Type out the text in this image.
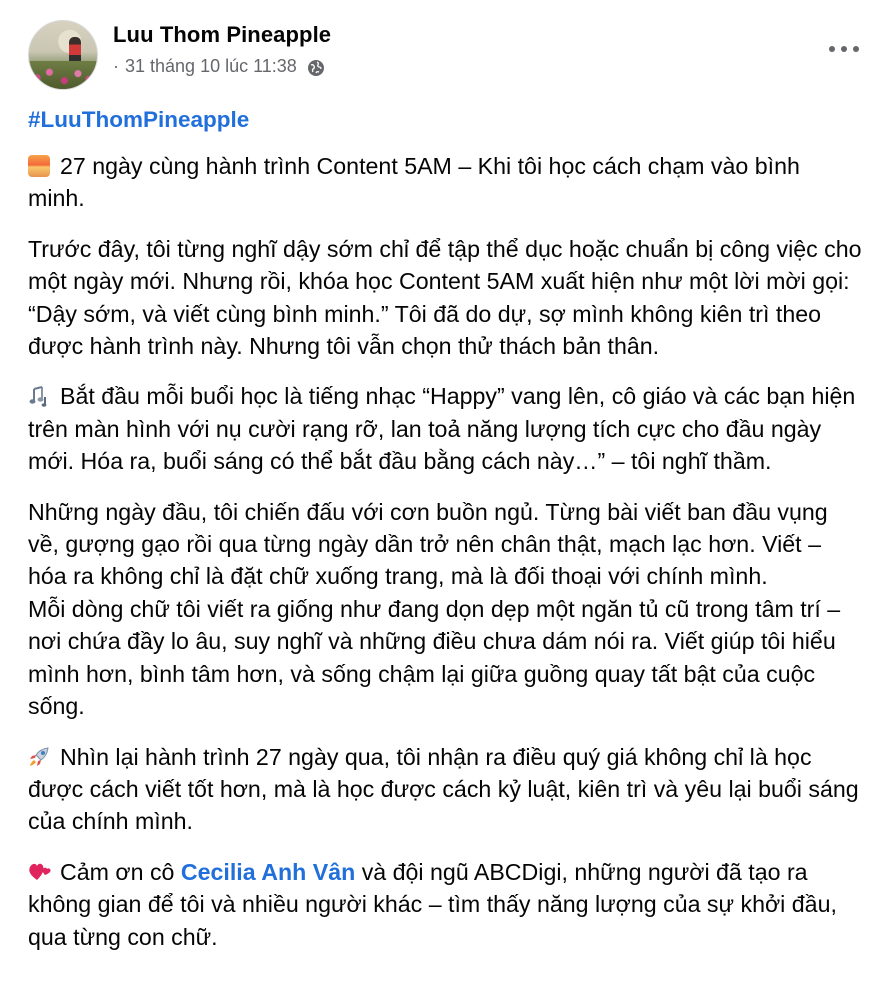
Luu Thom Pineapple
· 31 tháng 10 lúc 11:38
#LuuThomPineapple

27 ngày cùng hành trình Content 5AM – Khi tôi học cách chạm vào bình minh.

Trước đây, tôi từng nghĩ dậy sớm chỉ để tập thể dục hoặc chuẩn bị công việc cho một ngày mới. Nhưng rồi, khóa học Content 5AM xuất hiện như một lời mời gọi: “Dậy sớm, và viết cùng bình minh.” Tôi đã do dự, sợ mình không kiên trì theo được hành trình này. Nhưng tôi vẫn chọn thử thách bản thân.

Bắt đầu mỗi buổi học là tiếng nhạc “Happy” vang lên, cô giáo và các bạn hiện trên màn hình với nụ cười rạng rỡ, lan toả năng lượng tích cực cho đầu ngày mới. Hóa ra, buổi sáng có thể bắt đầu bằng cách này…” – tôi nghĩ thầm.

Những ngày đầu, tôi chiến đấu với cơn buồn ngủ. Từng bài viết ban đầu vụng về, gượng gạo rồi qua từng ngày dần trở nên chân thật, mạch lạc hơn. Viết – hóa ra không chỉ là đặt chữ xuống trang, mà là đối thoại với chính mình.

Mỗi dòng chữ tôi viết ra giống như đang dọn dẹp một ngăn tủ cũ trong tâm trí – nơi chứa đầy lo âu, suy nghĩ và những điều chưa dám nói ra. Viết giúp tôi hiểu mình hơn, bình tâm hơn, và sống chậm lại giữa guồng quay tất bật của cuộc sống.

Nhìn lại hành trình 27 ngày qua, tôi nhận ra điều quý giá không chỉ là học được cách viết tốt hơn, mà là học được cách kỷ luật, kiên trì và yêu lại buổi sáng của chính mình.

Cảm ơn cô Cecilia Anh Vân và đội ngũ ABCDigi, những người đã tạo ra không gian để tôi và nhiều người khác – tìm thấy năng lượng của sự khởi đầu, qua từng con chữ.
